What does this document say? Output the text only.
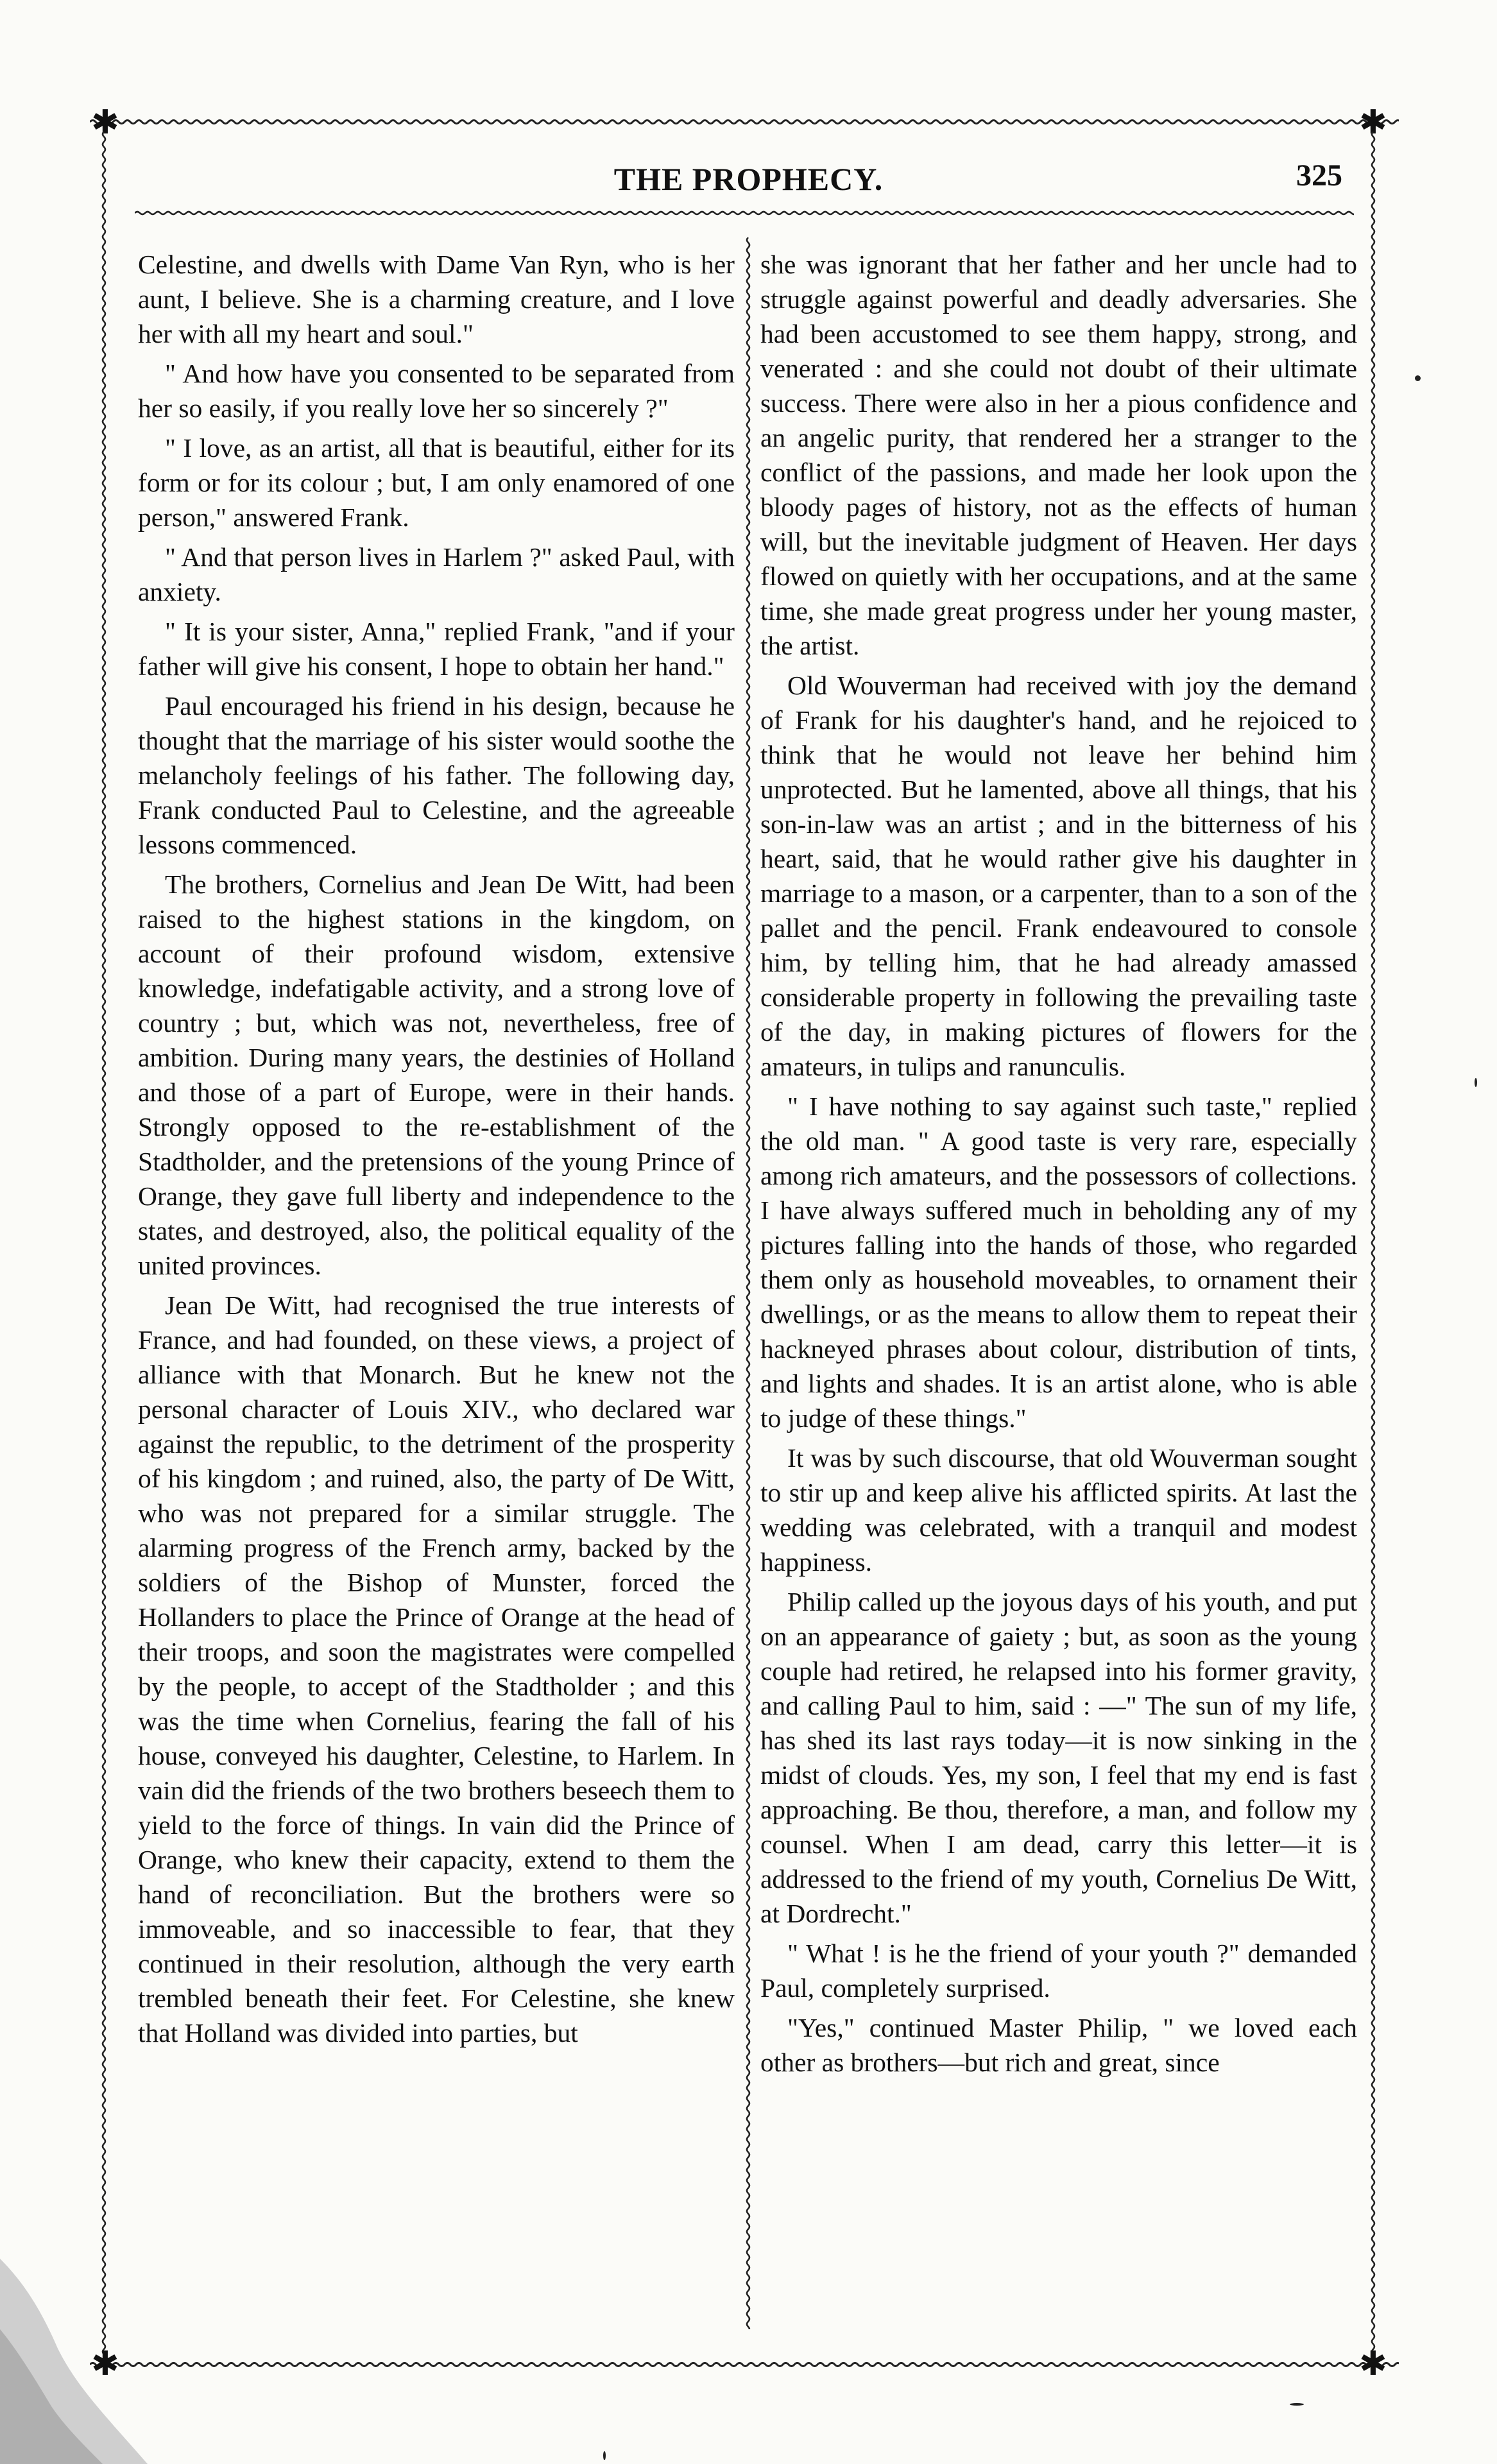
✱	✱
THE PROPHECY.	325
✱	✱

Celestine, and dwells with Dame Van Ryn, who is her aunt, I believe. She is a charming creature, and I love her with all my heart and soul."

" And how have you consented to be separated from her so easily, if you really love her so sincerely ?"

" I love, as an artist, all that is beautiful, either for its form or for its colour ; but, I am only enamored of one person," answered Frank.

" And that person lives in Harlem ?" asked Paul, with anxiety.

" It is your sister, Anna," replied Frank, "and if your father will give his consent, I hope to obtain her hand."

Paul encouraged his friend in his design, because he thought that the marriage of his sister would soothe the melancholy feelings of his father. The following day, Frank conducted Paul to Celestine, and the agreeable lessons commenced.

The brothers, Cornelius and Jean De Witt, had been raised to the highest stations in the kingdom, on account of their profound wisdom, extensive knowledge, indefatigable activity, and a strong love of country ; but, which was not, nevertheless, free of ambition. During many years, the destinies of Holland and those of a part of Europe, were in their hands. Strongly opposed to the re-establishment of the Stadtholder, and the pretensions of the young Prince of Orange, they gave full liberty and independence to the states, and destroyed, also, the political equality of the united provinces.

Jean De Witt, had recognised the true interests of France, and had founded, on these views, a project of alliance with that Monarch. But he knew not the personal character of Louis XIV., who declared war against the republic, to the detriment of the prosperity of his kingdom ; and ruined, also, the party of De Witt, who was not prepared for a similar struggle. The alarming progress of the French army, backed by the soldiers of the Bishop of Munster, forced the Hollanders to place the Prince of Orange at the head of their troops, and soon the magistrates were compelled by the people, to accept of the Stadtholder ; and this was the time when Cornelius, fearing the fall of his house, conveyed his daughter, Celestine, to Harlem. In vain did the friends of the two brothers beseech them to yield to the force of things. In vain did the Prince of Orange, who knew their capacity, extend to them the hand of reconciliation. But the brothers were so immoveable, and so inaccessible to fear, that they continued in their resolution, although the very earth trembled beneath their feet. For Celestine, she knew that Holland was divided into parties, but

she was ignorant that her father and her uncle had to struggle against powerful and deadly adversaries. She had been accustomed to see them happy, strong, and venerated : and she could not doubt of their ultimate success. There were also in her a pious confidence and an angelic purity, that rendered her a stranger to the conflict of the passions, and made her look upon the bloody pages of history, not as the effects of human will, but the inevitable judgment of Heaven. Her days flowed on quietly with her occupations, and at the same time, she made great progress under her young master, the artist.

Old Wouverman had received with joy the demand of Frank for his daughter's hand, and he rejoiced to think that he would not leave her behind him unprotected. But he lamented, above all things, that his son-in-law was an artist ; and in the bitterness of his heart, said, that he would rather give his daughter in marriage to a mason, or a carpenter, than to a son of the pallet and the pencil. Frank endeavoured to console him, by telling him, that he had already amassed considerable property in following the prevailing taste of the day, in making pictures of flowers for the amateurs, in tulips and ranunculis.

" I have nothing to say against such taste," replied the old man. " A good taste is very rare, especially among rich amateurs, and the possessors of collections. I have always suffered much in beholding any of my pictures falling into the hands of those, who regarded them only as household moveables, to ornament their dwellings, or as the means to allow them to repeat their hackneyed phrases about colour, distribution of tints, and lights and shades. It is an artist alone, who is able to judge of these things."

It was by such discourse, that old Wouverman sought to stir up and keep alive his afflicted spirits. At last the wedding was celebrated, with a tranquil and modest happiness.

Philip called up the joyous days of his youth, and put on an appearance of gaiety ; but, as soon as the young couple had retired, he relapsed into his former gravity, and calling Paul to him, said : —" The sun of my life, has shed its last rays today—it is now sinking in the midst of clouds. Yes, my son, I feel that my end is fast approaching. Be thou, therefore, a man, and follow my counsel. When I am dead, carry this letter—it is addressed to the friend of my youth, Cornelius De Witt, at Dordrecht."

" What ! is he the friend of your youth ?" demanded Paul, completely surprised.

"Yes," continued Master Philip, " we loved each other as brothers—but rich and great, since
